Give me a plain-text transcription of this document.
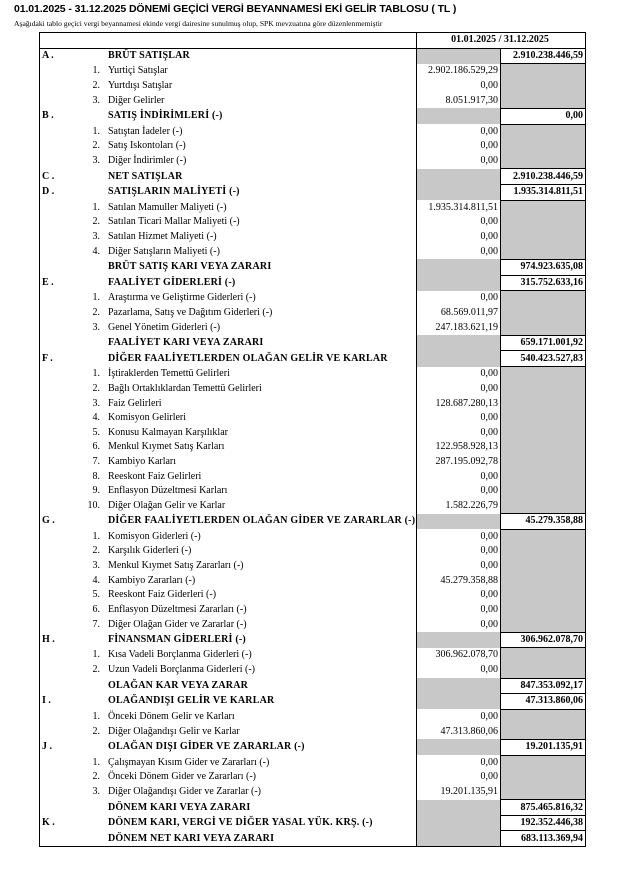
01.01.2025 - 31.12.2025 DÖNEMİ GEÇİCİ VERGİ BEYANNAMESİ EKİ GELİR TABLOSU ( TL )
Aşağıdaki tablo geçici vergi beyannamesi ekinde vergi dairesine sunulmuş olup, SPK mevzuatına göre düzenlenmemiştir
			01.01.2025 / 31.12.2025	
A .		BRÜT SATIŞLAR		2.910.238.446,59
	1.	Yurtiçi Satışlar	2.902.186.529,29	
	2.	Yurtdışı Satışlar	0,00	
	3.	Diğer Gelirler	8.051.917,30	
B .		SATIŞ İNDİRİMLERİ (-)		0,00
	1.	Satıştan İadeler (-)	0,00	
	2.	Satış Iskontoları (-)	0,00	
	3.	Diğer İndirimler (-)	0,00	
C .		NET SATIŞLAR		2.910.238.446,59
D .		SATIŞLARIN MALİYETİ (-)		1.935.314.811,51
	1.	Satılan Mamuller Maliyeti (-)	1.935.314.811,51	
	2.	Satılan Ticari Mallar Maliyeti (-)	0,00	
	3.	Satılan Hizmet Maliyeti (-)	0,00	
	4.	Diğer Satışların Maliyeti (-)	0,00	
		BRÜT SATIŞ KARI VEYA ZARARI		974.923.635,08
E .		FAALİYET GİDERLERİ (-)		315.752.633,16
	1.	Araştırma ve Geliştirme Giderleri (-)	0,00	
	2.	Pazarlama, Satış ve Dağıtım Giderleri (-)	68.569.011,97	
	3.	Genel Yönetim Giderleri (-)	247.183.621,19	
		FAALİYET KARI VEYA ZARARI		659.171.001,92
F .		DİĞER FAALİYETLERDEN OLAĞAN GELİR VE KARLAR		540.423.527,83
	1.	İştiraklerden Temettü Gelirleri	0,00	
	2.	Bağlı Ortaklıklardan Temettü Gelirleri	0,00	
	3.	Faiz Gelirleri	128.687.280,13	
	4.	Komisyon Gelirleri	0,00	
	5.	Konusu Kalmayan Karşılıklar	0,00	
	6.	Menkul Kıymet Satış Karları	122.958.928,13	
	7.	Kambiyo Karları	287.195.092,78	
	8.	Reeskont Faiz Gelirleri	0,00	
	9.	Enflasyon Düzeltmesi Karları	0,00	
	10.	Diğer Olağan Gelir ve Karlar	1.582.226,79	
G .		DİĞER FAALİYETLERDEN OLAĞAN GİDER VE ZARARLAR (-)		45.279.358,88
	1.	Komisyon Giderleri (-)	0,00	
	2.	Karşılık Giderleri (-)	0,00	
	3.	Menkul Kıymet Satış Zararları (-)	0,00	
	4.	Kambiyo Zararları (-)	45.279.358,88	
	5.	Reeskont Faiz Giderleri (-)	0,00	
	6.	Enflasyon Düzeltmesi Zararları (-)	0,00	
	7.	Diğer Olağan Gider ve Zararlar (-)	0,00	
H .		FİNANSMAN GİDERLERİ (-)		306.962.078,70
	1.	Kısa Vadeli Borçlanma Giderleri (-)	306.962.078,70	
	2.	Uzun Vadeli Borçlanma Giderleri (-)	0,00	
		OLAĞAN KAR VEYA ZARAR		847.353.092,17
I .		OLAĞANDIŞI GELİR VE KARLAR		47.313.860,06
	1.	Önceki Dönem Gelir ve Karları	0,00	
	2.	Diğer Olağandışı Gelir ve Karlar	47.313.860,06	
J .		OLAĞAN DIŞI GİDER VE ZARARLAR (-)		19.201.135,91
	1.	Çalışmayan Kısım Gider ve Zararları (-)	0,00	
	2.	Önceki Dönem Gider ve Zararları (-)	0,00	
	3.	Diğer Olağandışı Gider ve Zararlar (-)	19.201.135,91	
		DÖNEM KARI VEYA ZARARI		875.465.816,32
K .		DÖNEM KARI, VERGİ VE DİĞER YASAL YÜK. KRŞ. (-)		192.352.446,38
		DÖNEM NET KARI VEYA ZARARI		683.113.369,94
